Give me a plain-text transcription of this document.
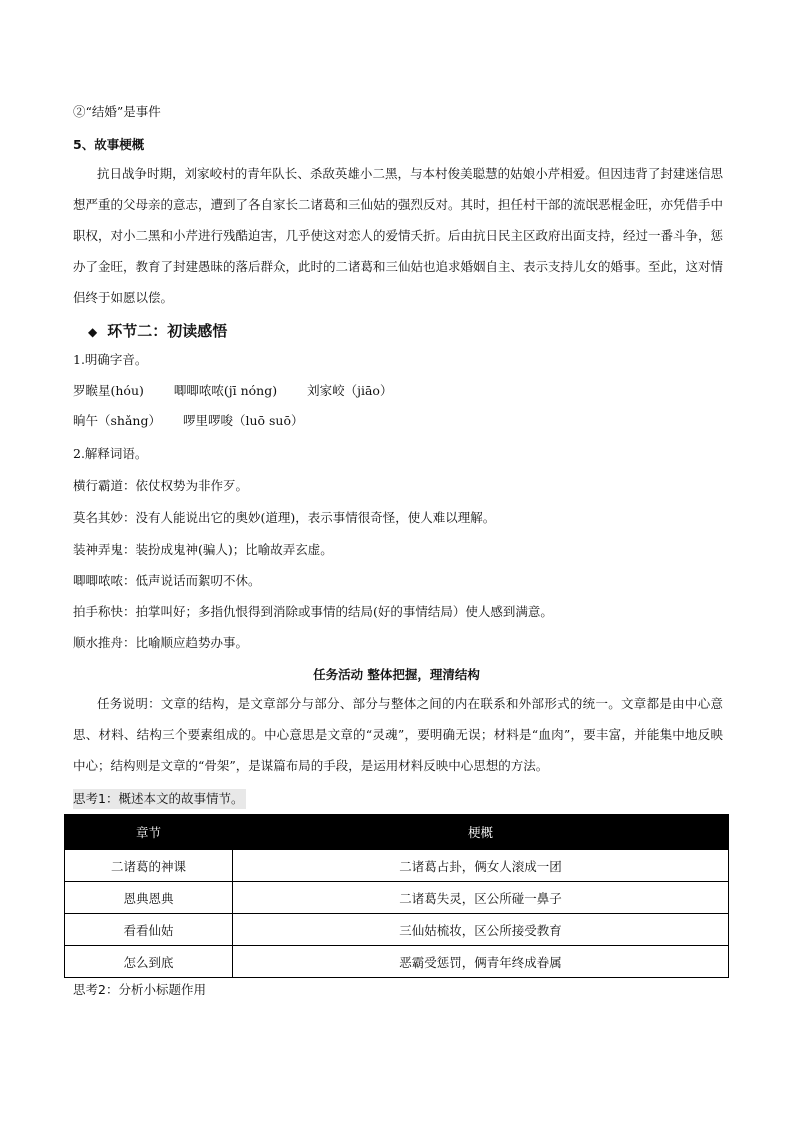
②“结婚”是事件
5、故事梗概
抗日战争时期，刘家峧村的青年队长、杀敌英雄小二黑，与本村俊美聪慧的姑娘小芹相爱。但因违背了封建迷信思想严重的父母亲的意志，遭到了各自家长二诸葛和三仙姑的强烈反对。其时，担任村干部的流氓恶棍金旺，亦凭借手中职权，对小二黑和小芹进行残酷迫害，几乎使这对恋人的爱情夭折。后由抗日民主区政府出面支持，经过一番斗争，惩办了金旺，教育了封建愚昧的落后群众，此时的二诸葛和三仙姑也追求婚姻自主、表示支持儿女的婚事。至此，这对情侣终于如愿以偿。
◆ 环节二：初读感悟
1.明确字音。
罗睺星(hóu) 唧唧哝哝(jī nóng) 刘家峧（jiāo）
晌午（shǎng） 啰里啰唆（luō suō）
2.解释词语。
横行霸道：依仗权势为非作歹。
莫名其妙：没有人能说出它的奥妙(道理)，表示事情很奇怪，使人难以理解。
装神弄鬼：装扮成鬼神(骗人)；比喻故弄玄虚。
唧唧哝哝：低声说话而絮叨不休。
拍手称快：拍掌叫好；多指仇恨得到消除或事情的结局(好的事情结局）使人感到满意。
顺水推舟：比喻顺应趋势办事。
任务活动 整体把握，理清结构
任务说明：文章的结构，是文章部分与部分、部分与整体之间的内在联系和外部形式的统一。文章都是由中心意思、材料、结构三个要素组成的。中心意思是文章的“灵魂”，要明确无误；材料是“血肉”，要丰富，并能集中地反映中心；结构则是文章的“骨架”，是谋篇布局的手段，是运用材料反映中心思想的方法。
思考1：概述本文的故事情节。
章节	梗概
二诸葛的神课	二诸葛占卦，俩女人滚成一团
恩典恩典	二诸葛失灵，区公所碰一鼻子
看看仙姑	三仙姑梳妆，区公所接受教育
怎么到底	恶霸受惩罚，俩青年终成眷属
思考2：分析小标题作用
